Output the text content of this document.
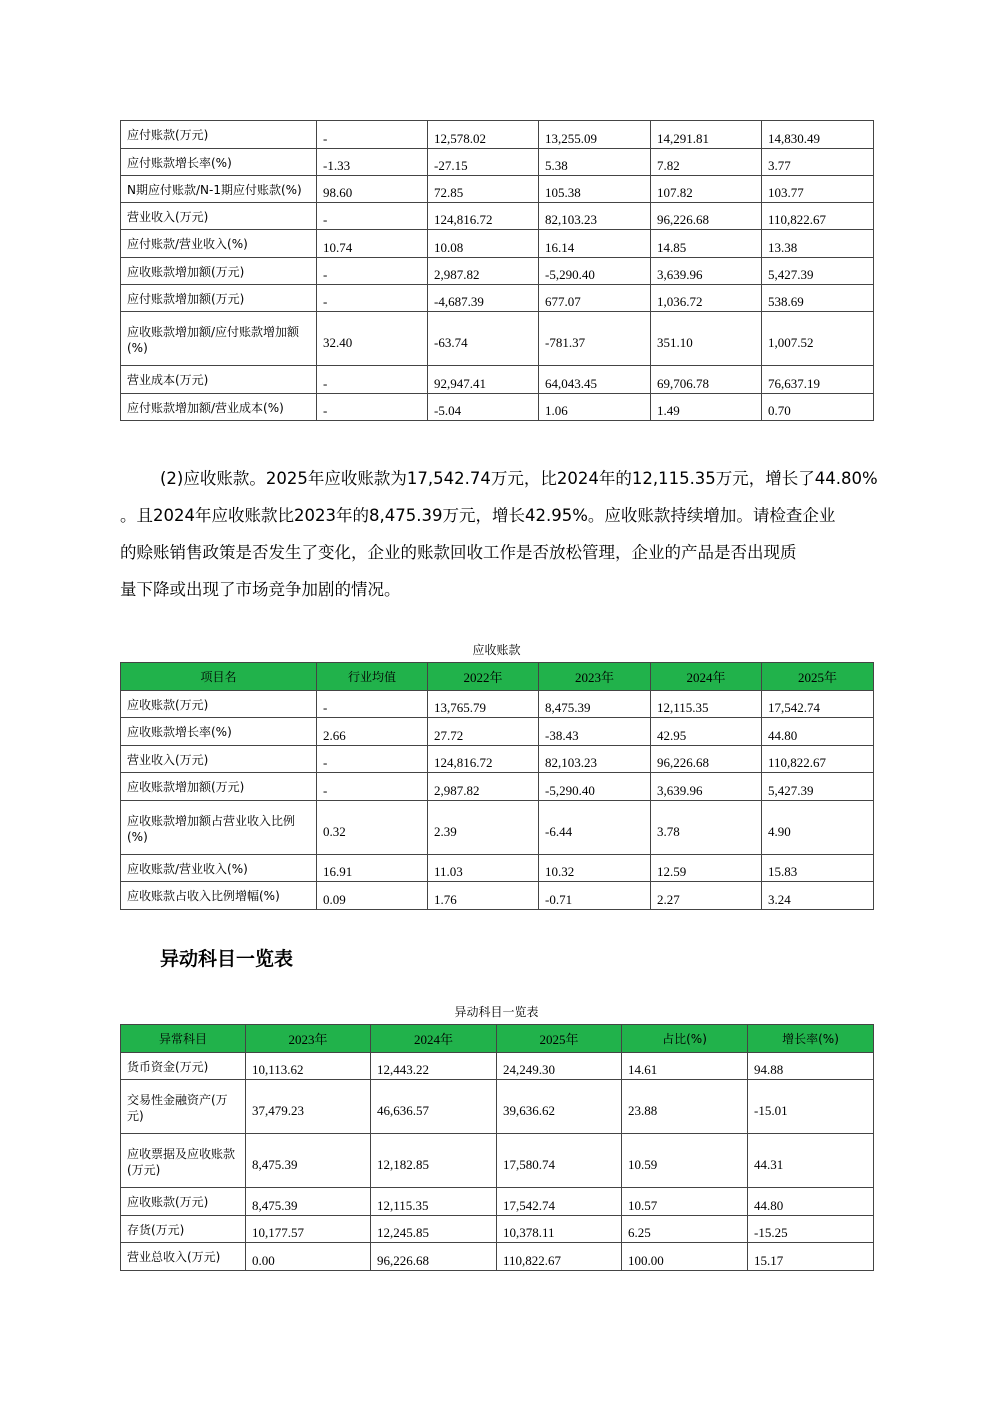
应付账款(万元)	-	12,578.02	13,255.09	14,291.81	14,830.49
应付账款增长率(%)	-1.33	-27.15	5.38	7.82	3.77
N期应付账款/N-1期应付账款(%)	98.60	72.85	105.38	107.82	103.77
营业收入(万元)	-	124,816.72	82,103.23	96,226.68	110,822.67
应付账款/营业收入(%)	10.74	10.08	16.14	14.85	13.38
应收账款增加额(万元)	-	2,987.82	-5,290.40	3,639.96	5,427.39
应付账款增加额(万元)	-	-4,687.39	677.07	1,036.72	538.69
应收账款增加额/应付账款增加额(%)	32.40	-63.74	-781.37	351.10	1,007.52
营业成本(万元)	-	92,947.41	64,043.45	69,706.78	76,637.19
应付账款增加额/营业成本(%)	-	-5.04	1.06	1.49	0.70
(2)应收账款。2025年应收账款为17,542.74万元，比2024年的12,115.35万元，增长了44.80%
。且2024年应收账款比2023年的8,475.39万元，增长42.95%。应收账款持续增加。请检查企业
的赊账销售政策是否发生了变化，企业的账款回收工作是否放松管理，企业的产品是否出现质
量下降或出现了市场竞争加剧的情况。
应收账款
项目名	行业均值	2022年	2023年	2024年	2025年
应收账款(万元)	-	13,765.79	8,475.39	12,115.35	17,542.74
应收账款增长率(%)	2.66	27.72	-38.43	42.95	44.80
营业收入(万元)	-	124,816.72	82,103.23	96,226.68	110,822.67
应收账款增加额(万元)	-	2,987.82	-5,290.40	3,639.96	5,427.39
应收账款增加额占营业收入比例(%)	0.32	2.39	-6.44	3.78	4.90
应收账款/营业收入(%)	16.91	11.03	10.32	12.59	15.83
应收账款占收入比例增幅(%)	0.09	1.76	-0.71	2.27	3.24
异动科目一览表
异动科目一览表
异常科目	2023年	2024年	2025年	占比(%)	增长率(%)
货币资金(万元)	10,113.62	12,443.22	24,249.30	14.61	94.88
交易性金融资产(万元)	37,479.23	46,636.57	39,636.62	23.88	-15.01
应收票据及应收账款(万元)	8,475.39	12,182.85	17,580.74	10.59	44.31
应收账款(万元)	8,475.39	12,115.35	17,542.74	10.57	44.80
存货(万元)	10,177.57	12,245.85	10,378.11	6.25	-15.25
营业总收入(万元)	0.00	96,226.68	110,822.67	100.00	15.17
